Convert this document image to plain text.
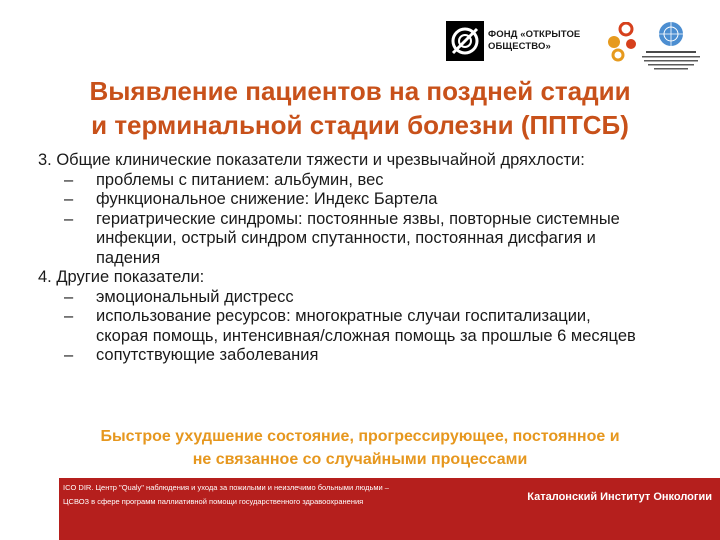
ФОНД «ОТКРЫТОЕ
ОБЩЕСТВО»
Выявление пациентов на поздней стадии
и терминальной стадии болезни (ППТСБ)
3. Общие клинические показатели тяжести и чрезвычайной дряхлости:
– проблемы с питанием: альбумин, вес
– функциональное снижение: Индекс Бартела
– гериатрические синдромы: постоянные язвы, повторные системные
инфекции, острый синдром спутанности, постоянная дисфагия и
падения
4. Другие показатели:
– эмоциональный дистресс
– использование ресурсов: многократные случаи госпитализации,
скорая помощь, интенсивная/сложная помощь за прошлые 6 месяцев
– сопутствующие заболевания
Быстрое ухудшение состояние, прогрессирующее, постоянное и
не связанное со случайными процессами
ICO DIR. Центр "Qualy" наблюдения и ухода за пожилыми и неизлечимо больными людьми –
ЦСВОЗ в сфере программ паллиативной помощи государственного здравоохранения	Каталонский Институт Онкологии
